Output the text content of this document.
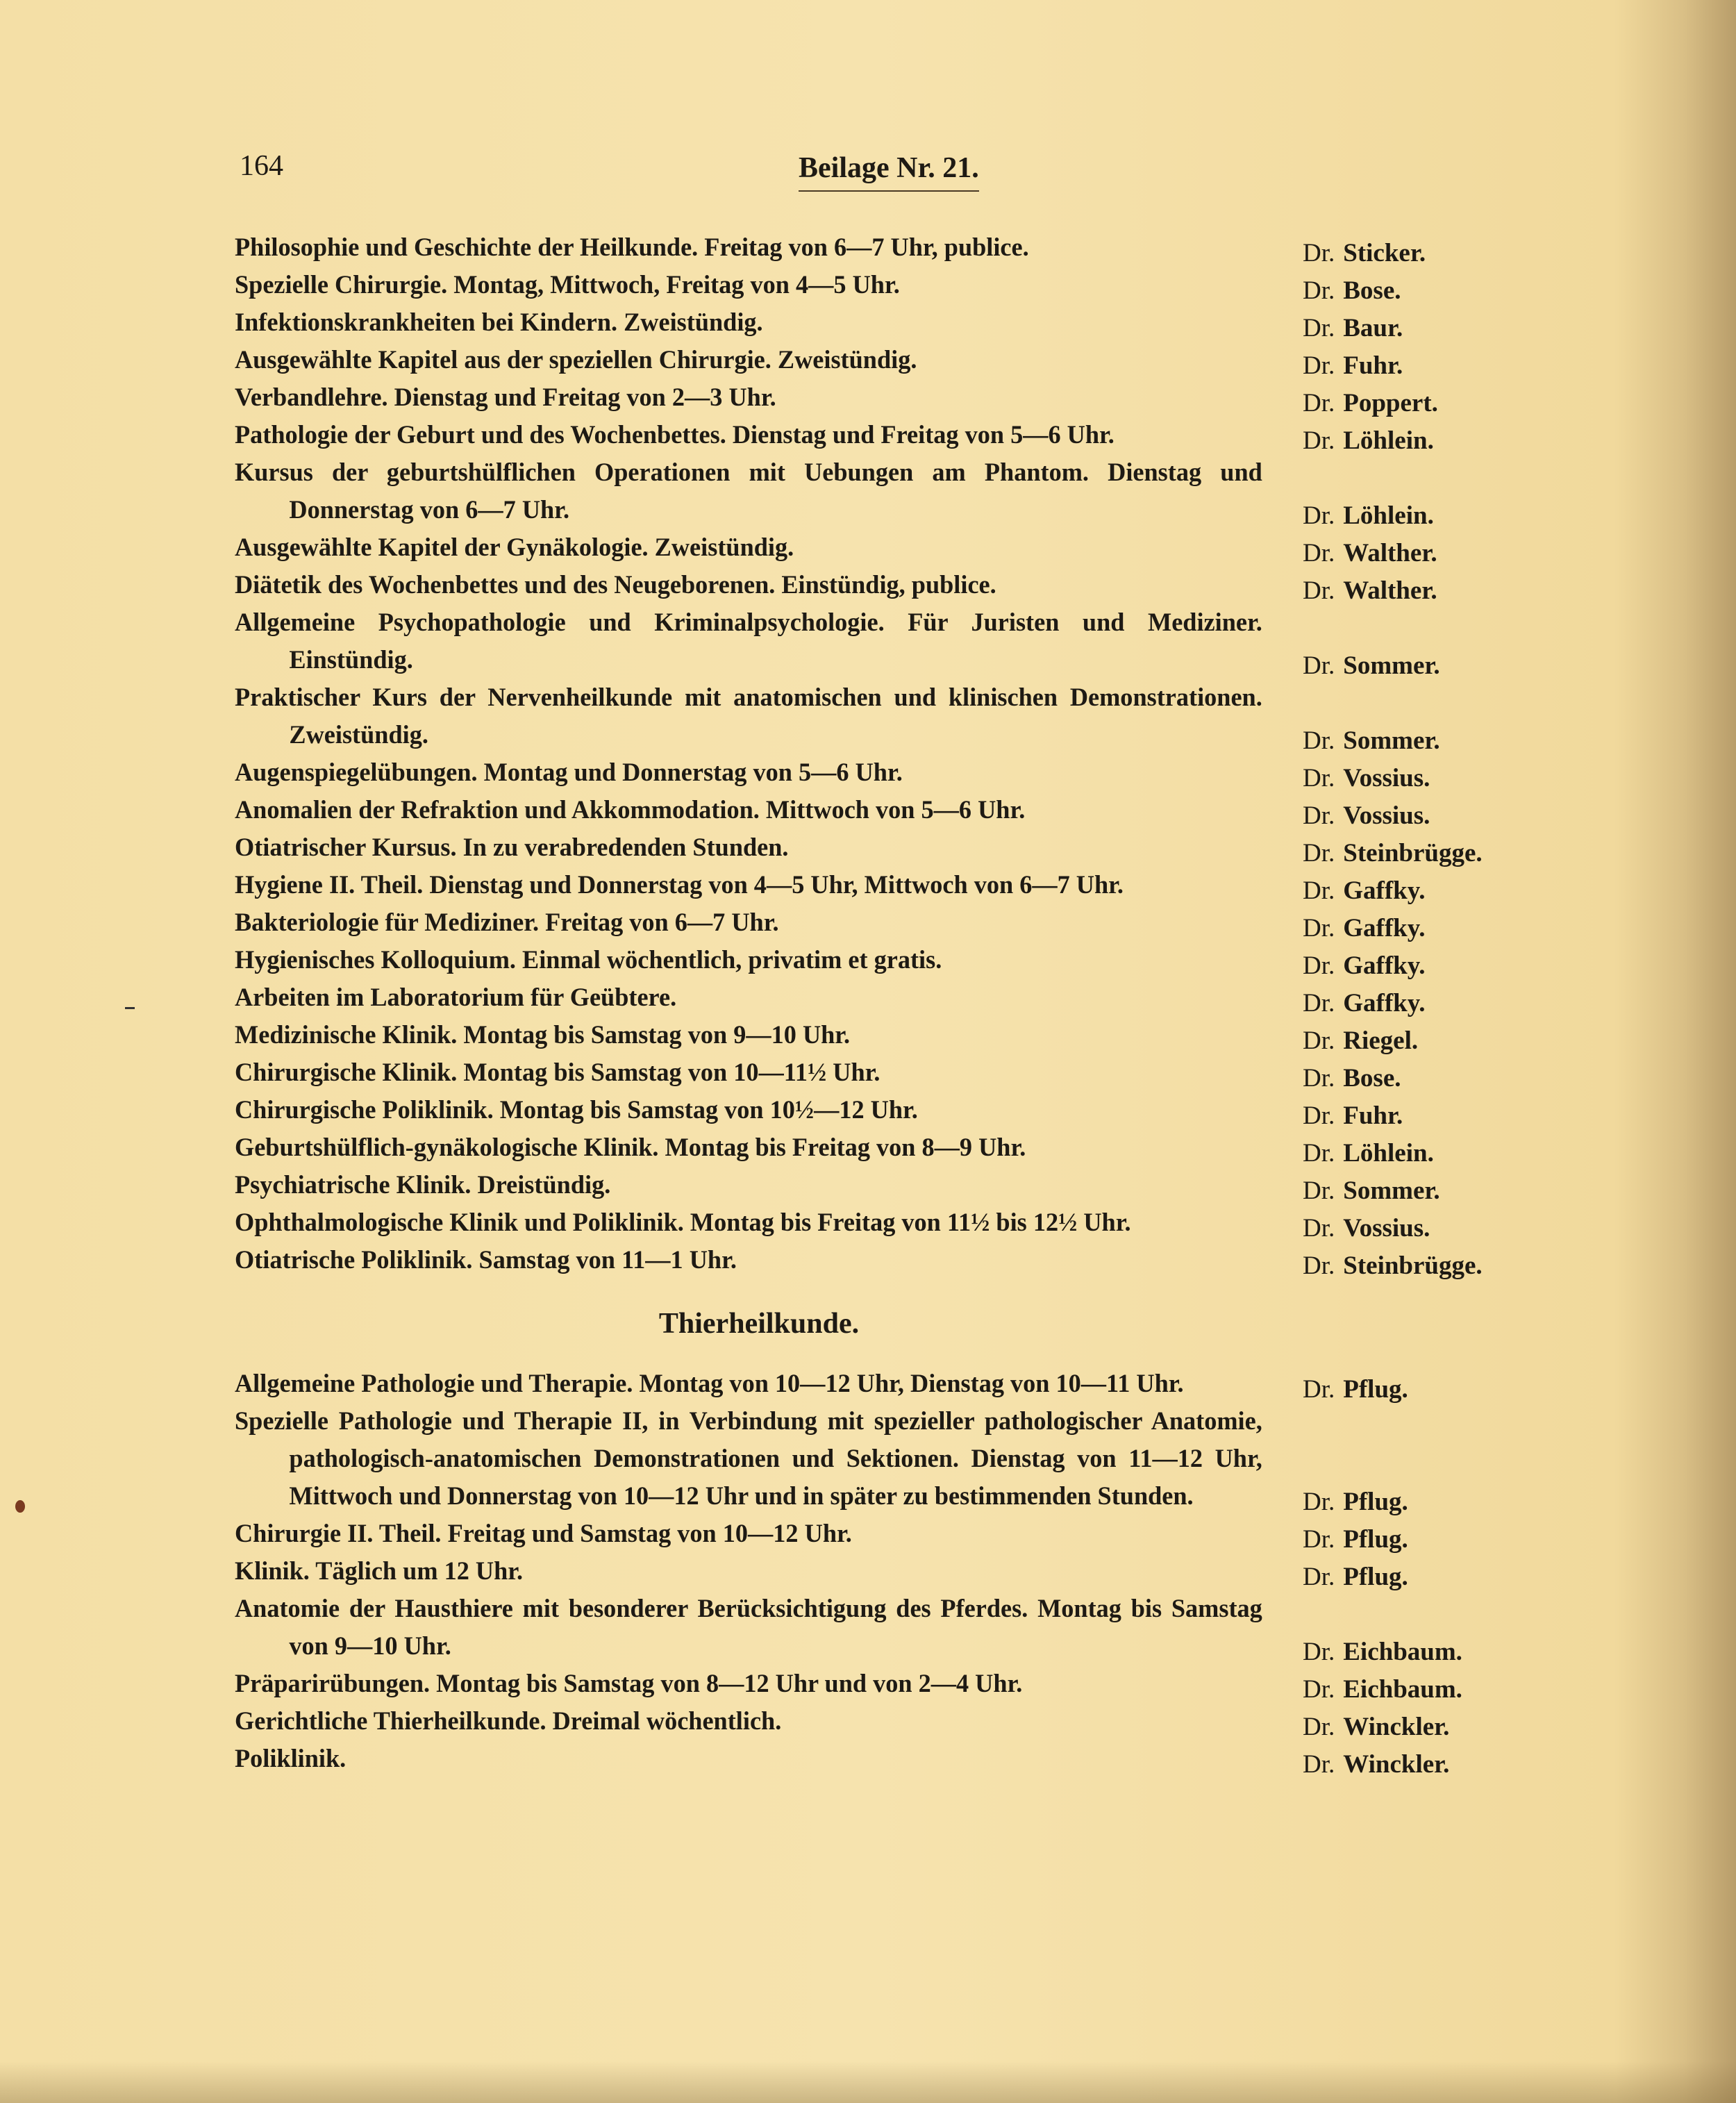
164	Beilage Nr. 21.
Philosophie und Geschichte der Heilkunde. Freitag von 6—7 Uhr, publice.	Dr. Sticker.
Spezielle Chirurgie. Montag, Mittwoch, Freitag von 4—5 Uhr.	Dr. Bose.
Infektionskrankheiten bei Kindern. Zweistündig.	Dr. Baur.
Ausgewählte Kapitel aus der speziellen Chirurgie. Zweistündig.	Dr. Fuhr.
Verbandlehre. Dienstag und Freitag von 2—3 Uhr.	Dr. Poppert.
Pathologie der Geburt und des Wochenbettes. Dienstag und Freitag von 5—6 Uhr.	Dr. Löhlein.
Kursus der geburtshülflichen Operationen mit Uebungen am Phantom. Dienstag und Donnerstag von 6—7 Uhr.	Dr. Löhlein.
Ausgewählte Kapitel der Gynäkologie. Zweistündig.	Dr. Walther.
Diätetik des Wochenbettes und des Neugeborenen. Einstündig, publice.	Dr. Walther.
Allgemeine Psychopathologie und Kriminalpsychologie. Für Juristen und Mediziner. Einstündig.	Dr. Sommer.
Praktischer Kurs der Nervenheilkunde mit anatomischen und klinischen Demonstrationen. Zweistündig.	Dr. Sommer.
Augenspiegelübungen. Montag und Donnerstag von 5—6 Uhr.	Dr. Vossius.
Anomalien der Refraktion und Akkommodation. Mittwoch von 5—6 Uhr.	Dr. Vossius.
Otiatrischer Kursus. In zu verabredenden Stunden.	Dr. Steinbrügge.
Hygiene II. Theil. Dienstag und Donnerstag von 4—5 Uhr, Mittwoch von 6—7 Uhr.	Dr. Gaffky.
Bakteriologie für Mediziner. Freitag von 6—7 Uhr.	Dr. Gaffky.
Hygienisches Kolloquium. Einmal wöchentlich, privatim et gratis.	Dr. Gaffky.
Arbeiten im Laboratorium für Geübtere.	Dr. Gaffky.
Medizinische Klinik. Montag bis Samstag von 9—10 Uhr.	Dr. Riegel.
Chirurgische Klinik. Montag bis Samstag von 10—11½ Uhr.	Dr. Bose.
Chirurgische Poliklinik. Montag bis Samstag von 10½—12 Uhr.	Dr. Fuhr.
Geburtshülflich-gynäkologische Klinik. Montag bis Freitag von 8—9 Uhr.	Dr. Löhlein.
Psychiatrische Klinik. Dreistündig.	Dr. Sommer.
Ophthalmologische Klinik und Poliklinik. Montag bis Freitag von 11½ bis 12½ Uhr.	Dr. Vossius.
Otiatrische Poliklinik. Samstag von 11—1 Uhr.	Dr. Steinbrügge.
Thierheilkunde.
Allgemeine Pathologie und Therapie. Montag von 10—12 Uhr, Dienstag von 10—11 Uhr.	Dr. Pflug.
Spezielle Pathologie und Therapie II, in Verbindung mit spezieller pathologischer Anatomie, pathologisch-anatomischen Demonstrationen und Sektionen. Dienstag von 11—12 Uhr, Mittwoch und Donnerstag von 10—12 Uhr und in später zu bestimmenden Stunden.	Dr. Pflug.
Chirurgie II. Theil. Freitag und Samstag von 10—12 Uhr.	Dr. Pflug.
Klinik. Täglich um 12 Uhr.	Dr. Pflug.
Anatomie der Hausthiere mit besonderer Berücksichtigung des Pferdes. Montag bis Samstag von 9—10 Uhr.	Dr. Eichbaum.
Präparirübungen. Montag bis Samstag von 8—12 Uhr und von 2—4 Uhr.	Dr. Eichbaum.
Gerichtliche Thierheilkunde. Dreimal wöchentlich.	Dr. Winckler.
Poliklinik.	Dr. Winckler.
